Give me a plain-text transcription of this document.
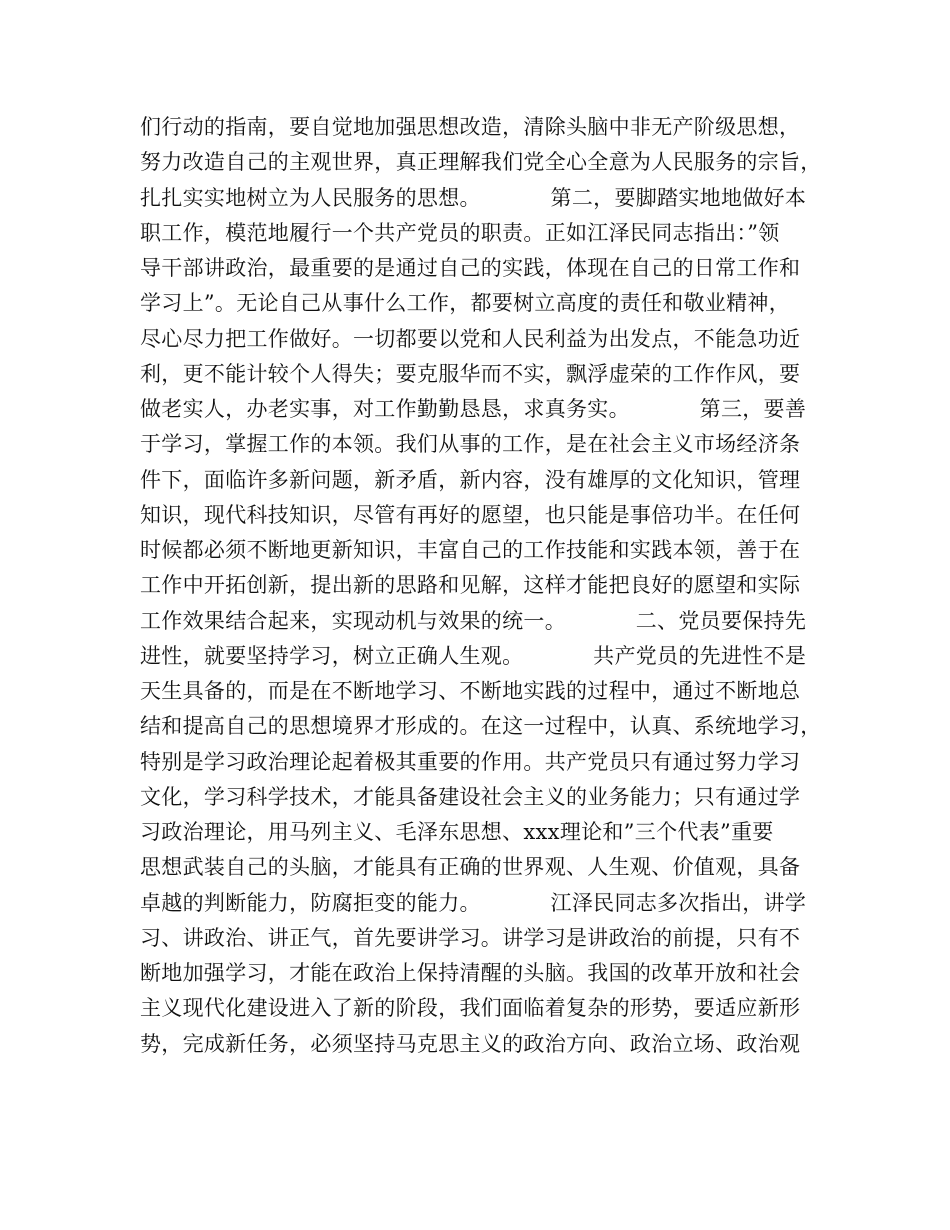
们行动的指南，要自觉地加强思想改造，清除头脑中非无产阶级思想，
努力改造自己的主观世界，真正理解我们党全心全意为人民服务的宗旨，
扎扎实实地树立为人民服务的思想。          第二，要脚踏实地地做好本
职工作，模范地履行一个共产党员的职责。正如江泽民同志指出：”领
导干部讲政治，最重要的是通过自己的实践，体现在自己的日常工作和
学习上”。无论自己从事什么工作，都要树立高度的责任和敬业精神，
尽心尽力把工作做好。一切都要以党和人民利益为出发点，不能急功近
利，更不能计较个人得失；要克服华而不实，飘浮虚荣的工作作风，要
做老实人，办老实事，对工作勤勤恳恳，求真务实。          第三，要善
于学习，掌握工作的本领。我们从事的工作，是在社会主义市场经济条
件下，面临许多新问题，新矛盾，新内容，没有雄厚的文化知识，管理
知识，现代科技知识，尽管有再好的愿望，也只能是事倍功半。在任何
时候都必须不断地更新知识，丰富自己的工作技能和实践本领，善于在
工作中开拓创新，提出新的思路和见解，这样才能把良好的愿望和实际
工作效果结合起来，实现动机与效果的统一。          二、党员要保持先
进性，就要坚持学习，树立正确人生观。          共产党员的先进性不是
天生具备的，而是在不断地学习、不断地实践的过程中，通过不断地总
结和提高自己的思想境界才形成的。在这一过程中，认真、系统地学习，
特别是学习政治理论起着极其重要的作用。共产党员只有通过努力学习
文化，学习科学技术，才能具备建设社会主义的业务能力；只有通过学
习政治理论，用马列主义、毛泽东思想、xxx理论和”三个代表”重要
思想武装自己的头脑，才能具有正确的世界观、人生观、价值观，具备
卓越的判断能力，防腐拒变的能力。          江泽民同志多次指出，讲学
习、讲政治、讲正气，首先要讲学习。讲学习是讲政治的前提，只有不
断地加强学习，才能在政治上保持清醒的头脑。我国的改革开放和社会
主义现代化建设进入了新的阶段，我们面临着复杂的形势，要适应新形
势，完成新任务，必须坚持马克思主义的政治方向、政治立场、政治观
